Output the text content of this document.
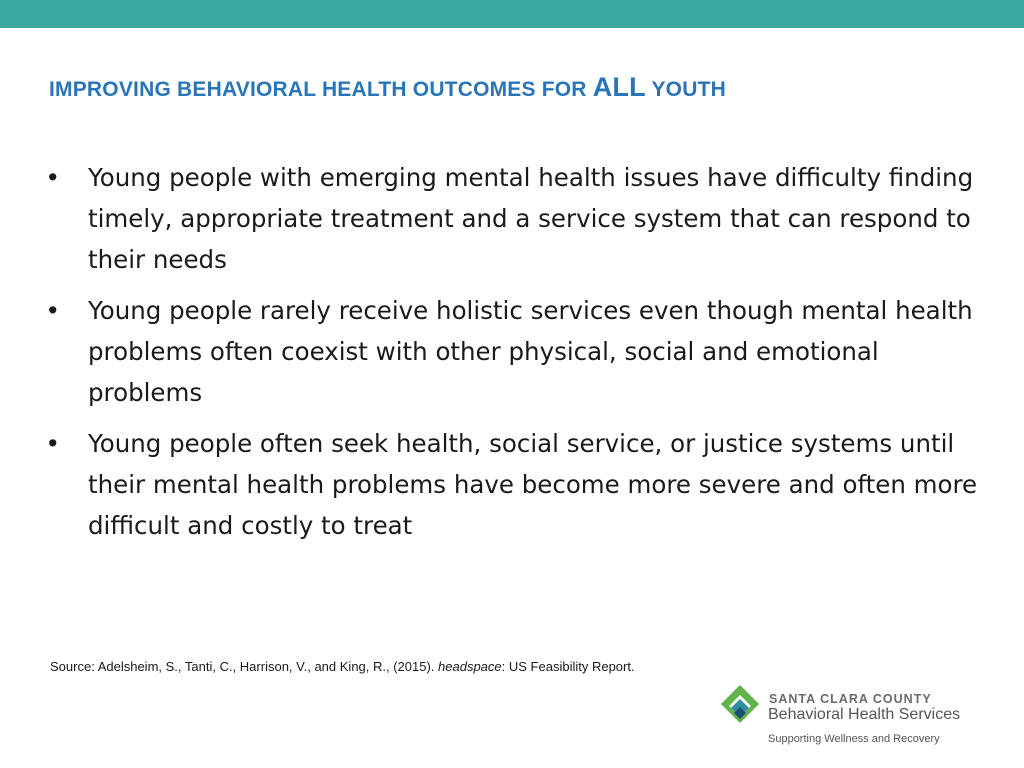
IMPROVING BEHAVIORAL HEALTH OUTCOMES FOR ALL YOUTH
• Young people with emerging mental health issues have difficulty finding timely, appropriate treatment and a service system that can respond to their needs
• Young people rarely receive holistic services even though mental health problems often coexist with other physical, social and emotional problems
• Young people often seek health, social service, or justice systems until their mental health problems have become more severe and often more difficult and costly to treat

Source: Adelsheim, S., Tanti, C., Harrison, V., and King, R., (2015). headspace: US Feasibility Report.

SANTA CLARA COUNTY
Behavioral Health Services
Supporting Wellness and Recovery
